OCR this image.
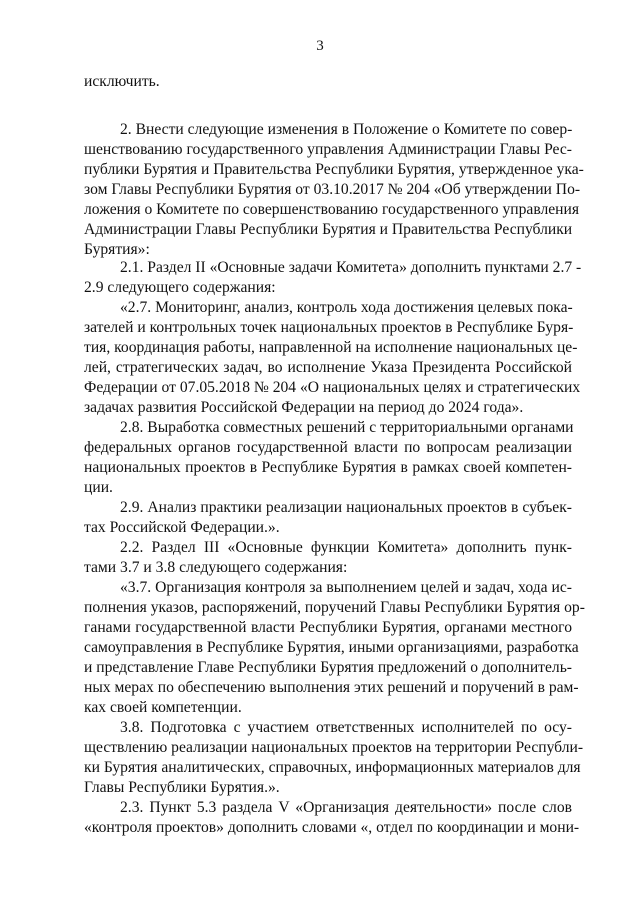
3
исключить.
2. Внести следующие изменения в Положение о Комитете по совер-
шенствованию государственного управления Администрации Главы Рес-
публики Бурятия и Правительства Республики Бурятия, утвержденное ука-
зом Главы Республики Бурятия от 03.10.2017 № 204 «Об утверждении По-
ложения о Комитете по совершенствованию государственного управления
Администрации Главы Республики Бурятия и Правительства Республики
Бурятия»:
2.1. Раздел II «Основные задачи Комитета» дополнить пунктами 2.7 -
2.9 следующего содержания:
«2.7. Мониторинг, анализ, контроль хода достижения целевых пока-
зателей и контрольных точек национальных проектов в Республике Буря-
тия, координация работы, направленной на исполнение национальных це-
лей, стратегических задач, во исполнение Указа Президента Российской
Федерации от 07.05.2018 № 204 «О национальных целях и стратегических
задачах развития Российской Федерации на период до 2024 года».
2.8. Выработка совместных решений с территориальными органами
федеральных органов государственной власти по вопросам реализации
национальных проектов в Республике Бурятия в рамках своей компетен-
ции.
2.9. Анализ практики реализации национальных проектов в субъек-
тах Российской Федерации.».
2.2. Раздел III «Основные функции Комитета» дополнить пунк-
тами 3.7 и 3.8 следующего содержания:
«3.7. Организация контроля за выполнением целей и задач, хода ис-
полнения указов, распоряжений, поручений Главы Республики Бурятия ор-
ганами государственной власти Республики Бурятия, органами местного
самоуправления в Республике Бурятия, иными организациями, разработка
и представление Главе Республики Бурятия предложений о дополнитель-
ных мерах по обеспечению выполнения этих решений и поручений в рам-
ках своей компетенции.
3.8. Подготовка с участием ответственных исполнителей по осу-
ществлению реализации национальных проектов на территории Республи-
ки Бурятия аналитических, справочных, информационных материалов для
Главы Республики Бурятия.».
2.3. Пункт 5.3 раздела V «Организация деятельности» после слов
«контроля проектов» дополнить словами «, отдел по координации и мони-
